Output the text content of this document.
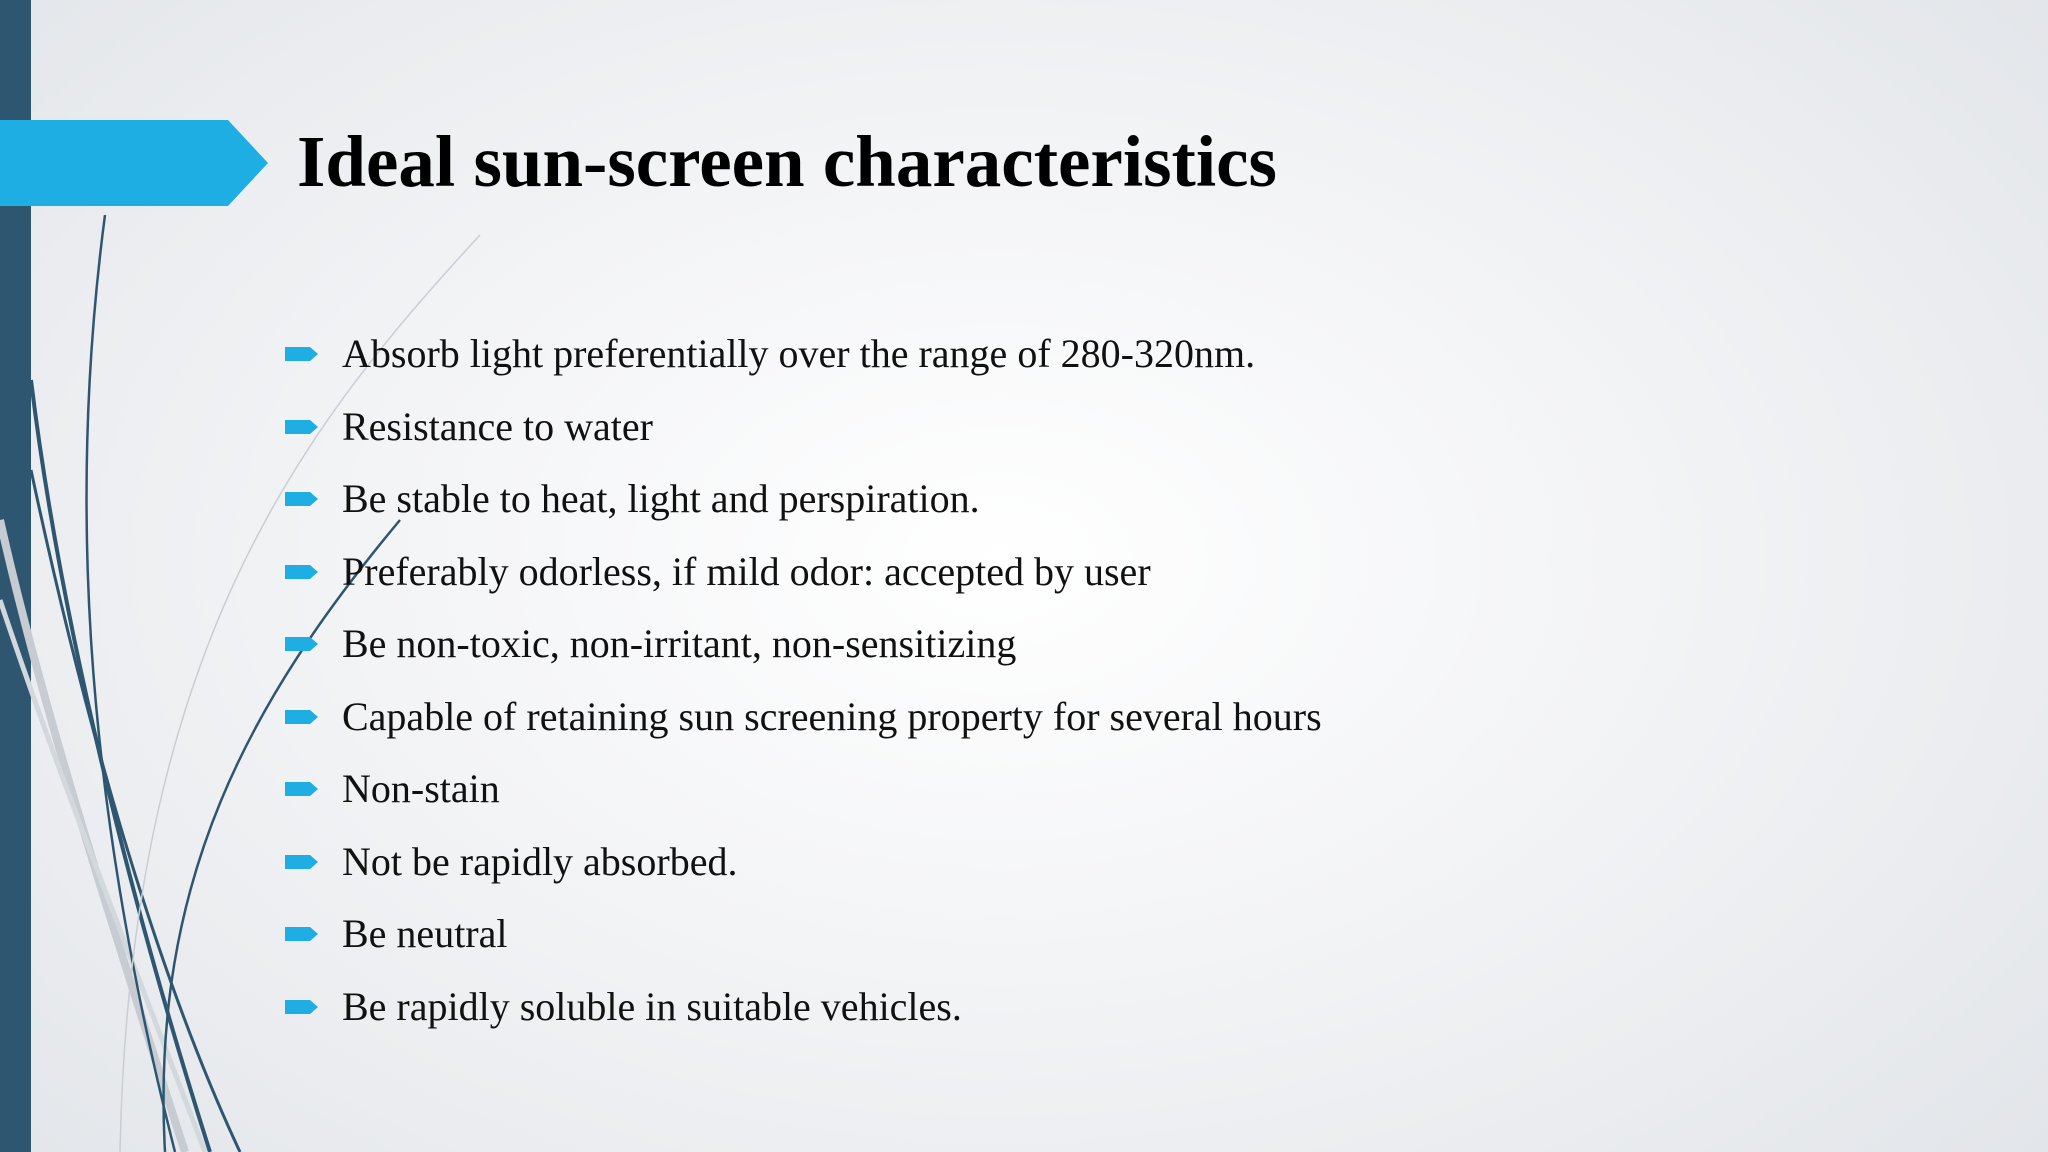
Ideal sun-screen characteristics
Absorb light preferentially over the range of 280-320nm.
Resistance to water
Be stable to heat, light and perspiration.
Preferably odorless, if mild odor: accepted by user
Be non-toxic, non-irritant, non-sensitizing
Capable of retaining sun screening property for several hours
Non-stain
Not be rapidly absorbed.
Be neutral
Be rapidly soluble in suitable vehicles.
